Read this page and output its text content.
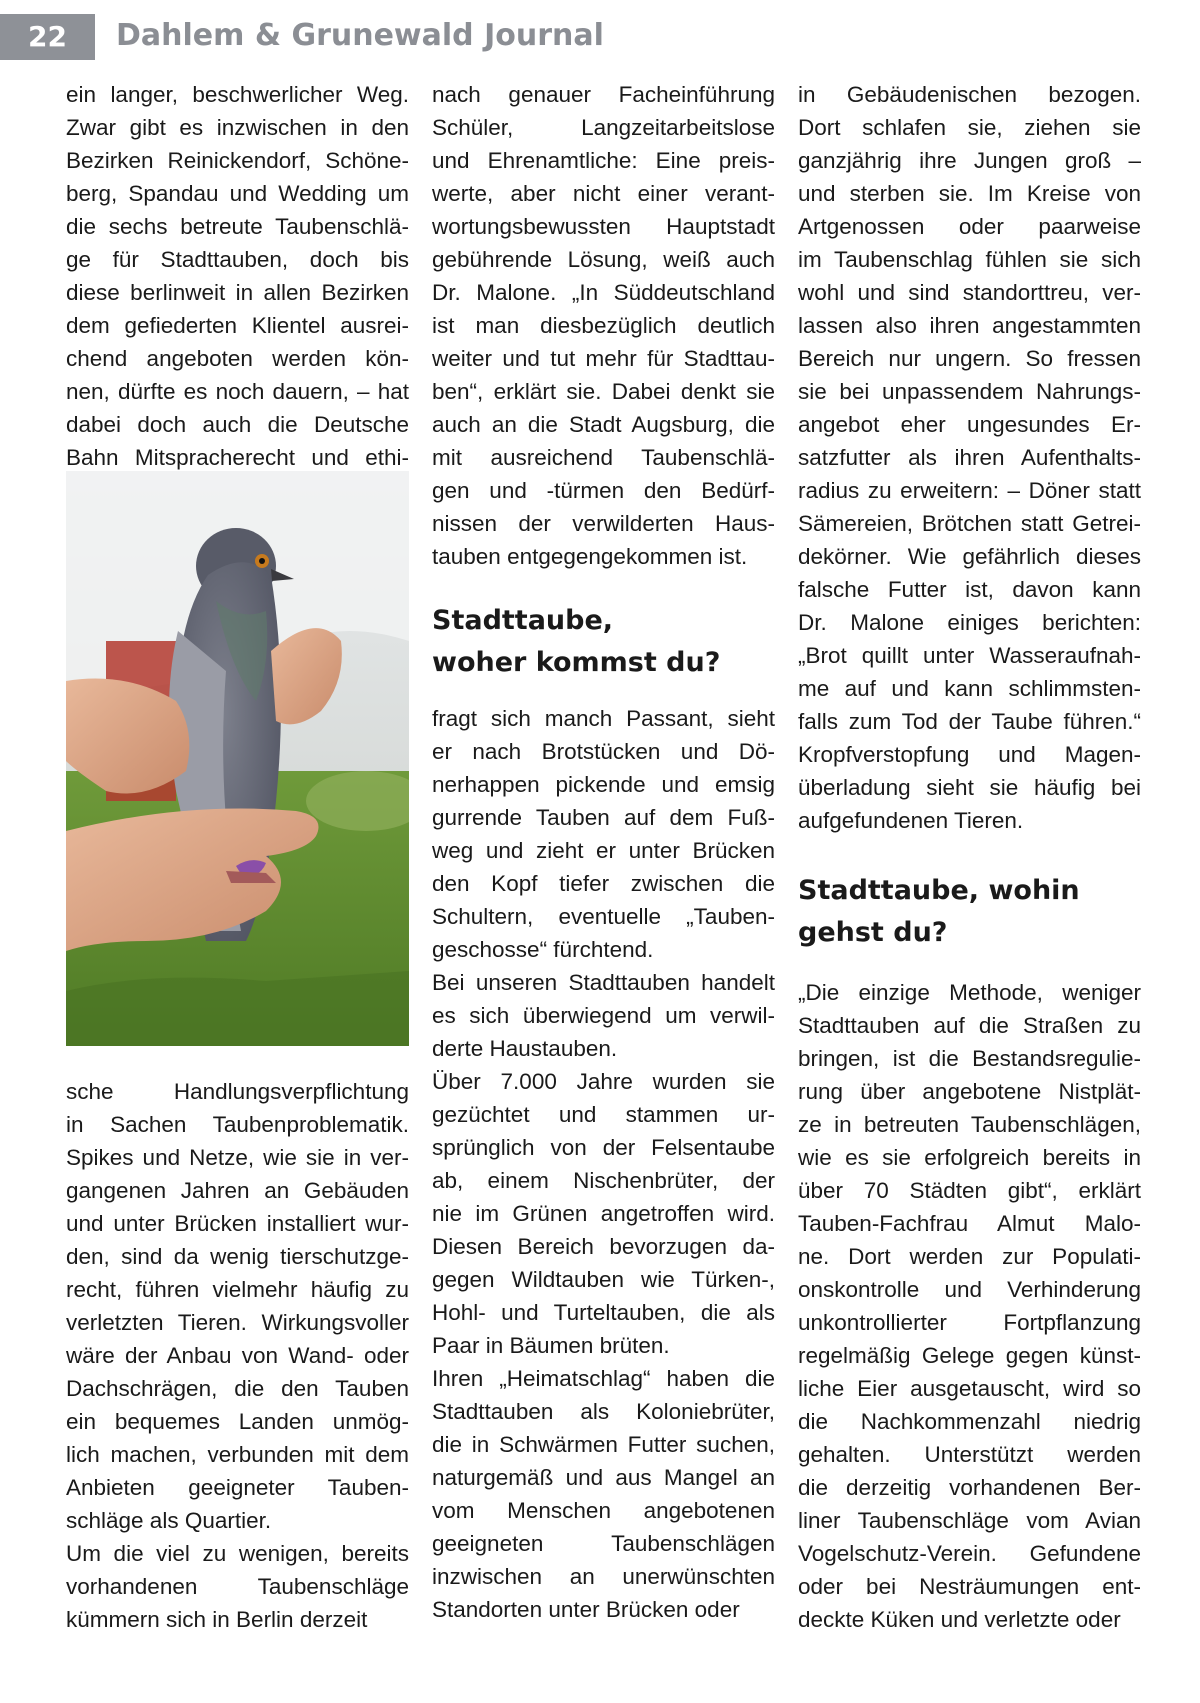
22	Dahlem & Grunewald Journal

ein langer, beschwerlicher Weg.

Zwar gibt es inzwischen in den

Bezirken Reinickendorf, Schöne-

berg, Spandau und Wedding um

die sechs betreute Taubenschlä-

ge für Stadttauben, doch bis

diese berlinweit in allen Bezirken

dem gefiederten Klientel ausrei-

chend angeboten werden kön-

nen, dürfte es noch dauern, – hat

dabei doch auch die Deutsche

Bahn Mitspracherecht und ethi-

sche Handlungsverpflichtung

in Sachen Taubenproblematik.

Spikes und Netze, wie sie in ver-

gangenen Jahren an Gebäuden

und unter Brücken installiert wur-

den, sind da wenig tierschutzge-

recht, führen vielmehr häufig zu

verletzten Tieren. Wirkungsvoller

wäre der Anbau von Wand- oder

Dachschrägen, die den Tauben

ein bequemes Landen unmög-

lich machen, verbunden mit dem

Anbieten geeigneter Tauben-

schläge als Quartier.

Um die viel zu wenigen, bereits

vorhandenen Taubenschläge

kümmern sich in Berlin derzeit

nach genauer Facheinführung

Schüler, Langzeitarbeitslose

und Ehrenamtliche: Eine preis-

werte, aber nicht einer verant-

wortungsbewussten Hauptstadt

gebührende Lösung, weiß auch

Dr. Malone. „In Süddeutschland

ist man diesbezüglich deutlich

weiter und tut mehr für Stadttau-

ben“, erklärt sie. Dabei denkt sie

auch an die Stadt Augsburg, die

mit ausreichend Taubenschlä-

gen und -türmen den Bedürf-

nissen der verwilderten Haus-

tauben entgegengekommen ist.

Stadttaube,
woher kommst du?

fragt sich manch Passant, sieht

er nach Brotstücken und Dö-

nerhappen pickende und emsig

gurrende Tauben auf dem Fuß-

weg und zieht er unter Brücken

den Kopf tiefer zwischen die

Schultern, eventuelle „Tauben-

geschosse“ fürchtend.

Bei unseren Stadttauben handelt

es sich überwiegend um verwil-

derte Haustauben.

Über 7.000 Jahre wurden sie

gezüchtet und stammen ur-

sprünglich von der Felsentaube

ab, einem Nischenbrüter, der

nie im Grünen angetroffen wird.

Diesen Bereich bevorzugen da-

gegen Wildtauben wie Türken-,

Hohl- und Turteltauben, die als

Paar in Bäumen brüten.

Ihren „Heimatschlag“ haben die

Stadttauben als Koloniebrüter,

die in Schwärmen Futter suchen,

naturgemäß und aus Mangel an

vom Menschen angebotenen

geeigneten Taubenschlägen

inzwischen an unerwünschten

Standorten unter Brücken oder

in Gebäudenischen bezogen.

Dort schlafen sie, ziehen sie

ganzjährig ihre Jungen groß –

und sterben sie. Im Kreise von

Artgenossen oder paarweise

im Taubenschlag fühlen sie sich

wohl und sind standorttreu, ver-

lassen also ihren angestammten

Bereich nur ungern. So fressen

sie bei unpassendem Nahrungs-

angebot eher ungesundes Er-

satzfutter als ihren Aufenthalts-

radius zu erweitern: – Döner statt

Sämereien, Brötchen statt Getrei-

dekörner. Wie gefährlich dieses

falsche Futter ist, davon kann

Dr. Malone einiges berichten:

„Brot quillt unter Wasseraufnah-

me auf und kann schlimmsten-

falls zum Tod der Taube führen.“

Kropfverstopfung und Magen-

überladung sieht sie häufig bei

aufgefundenen Tieren.

Stadttaube, wohin
gehst du?

„Die einzige Methode, weniger

Stadttauben auf die Straßen zu

bringen, ist die Bestandsregulie-

rung über angebotene Nistplät-

ze in betreuten Taubenschlägen,

wie es sie erfolgreich bereits in

über 70 Städten gibt“, erklärt

Tauben-Fachfrau Almut Malo-

ne. Dort werden zur Populati-

onskontrolle und Verhinderung

unkontrollierter Fortpflanzung

regelmäßig Gelege gegen künst-

liche Eier ausgetauscht, wird so

die Nachkommenzahl niedrig

gehalten. Unterstützt werden

die derzeitig vorhandenen Ber-

liner Taubenschläge vom Avian

Vogelschutz-Verein. Gefundene

oder bei Nesträumungen ent-

deckte Küken und verletzte oder
